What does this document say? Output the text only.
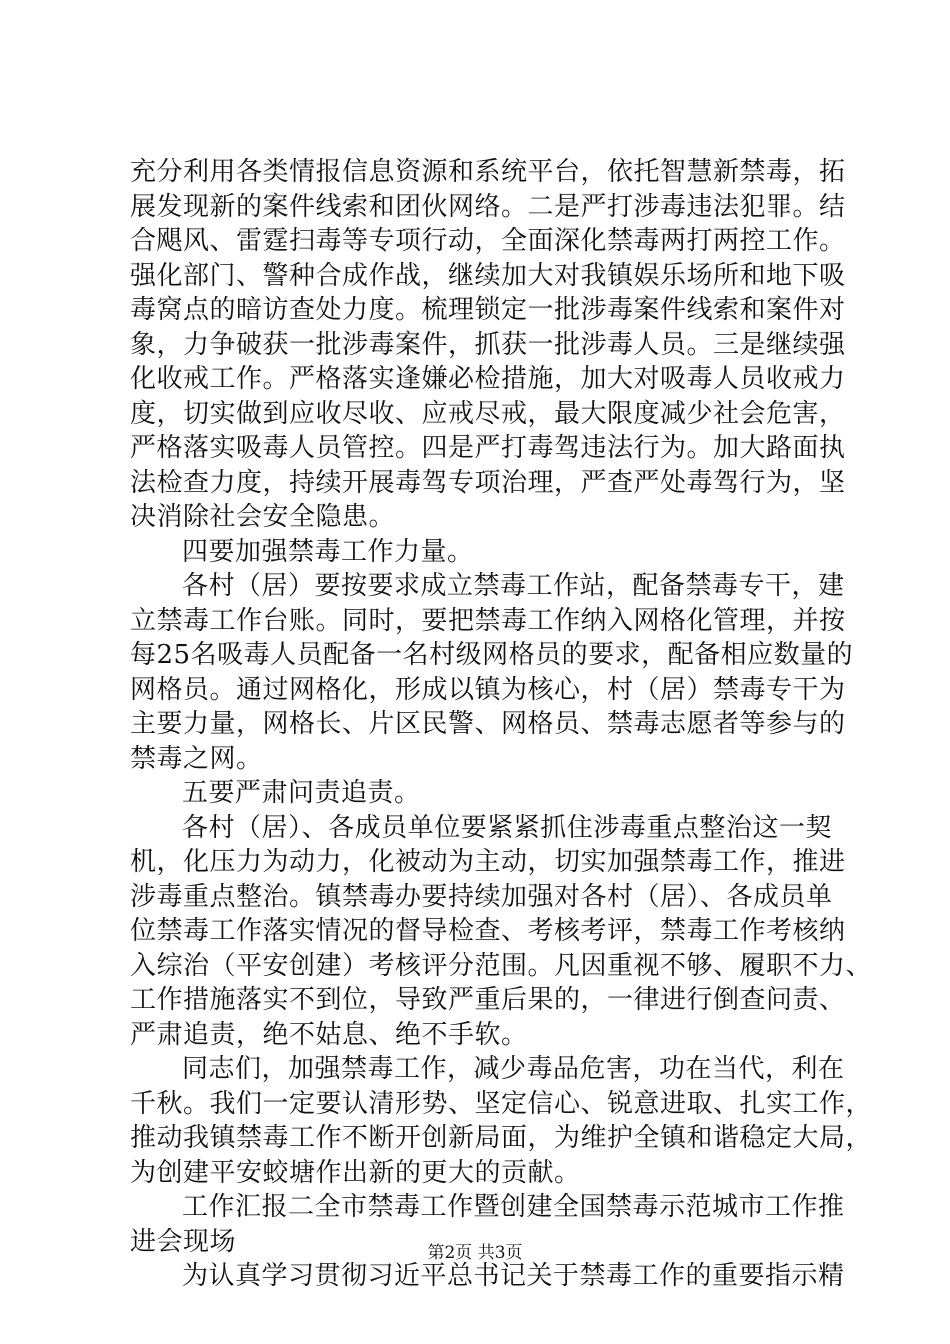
充分利用各类情报信息资源和系统平台，依托智慧新禁毒，拓
展发现新的案件线索和团伙网络。二是严打涉毒违法犯罪。结
合飓风、雷霆扫毒等专项行动，全面深化禁毒两打两控工作。
强化部门、警种合成作战，继续加大对我镇娱乐场所和地下吸
毒窝点的暗访查处力度。梳理锁定一批涉毒案件线索和案件对
象，力争破获一批涉毒案件，抓获一批涉毒人员。三是继续强
化收戒工作。严格落实逢嫌必检措施，加大对吸毒人员收戒力
度，切实做到应收尽收、应戒尽戒，最大限度减少社会危害，
严格落实吸毒人员管控。四是严打毒驾违法行为。加大路面执
法检查力度，持续开展毒驾专项治理，严查严处毒驾行为，坚
决消除社会安全隐患。
四要加强禁毒工作力量。
各村（居）要按要求成立禁毒工作站，配备禁毒专干，建
立禁毒工作台账。同时，要把禁毒工作纳入网格化管理，并按
每25名吸毒人员配备一名村级网格员的要求，配备相应数量的
网格员。通过网格化，形成以镇为核心，村（居）禁毒专干为
主要力量，网格长、片区民警、网格员、禁毒志愿者等参与的
禁毒之网。
五要严肃问责追责。
各村（居）、各成员单位要紧紧抓住涉毒重点整治这一契
机，化压力为动力，化被动为主动，切实加强禁毒工作，推进
涉毒重点整治。镇禁毒办要持续加强对各村（居）、各成员单
位禁毒工作落实情况的督导检查、考核考评，禁毒工作考核纳
入综治（平安创建）考核评分范围。凡因重视不够、履职不力、
工作措施落实不到位，导致严重后果的，一律进行倒查问责、
严肃追责，绝不姑息、绝不手软。
同志们，加强禁毒工作，减少毒品危害，功在当代，利在
千秋。我们一定要认清形势、坚定信心、锐意进取、扎实工作，
推动我镇禁毒工作不断开创新局面，为维护全镇和谐稳定大局，
为创建平安蛟塘作出新的更大的贡献。
工作汇报二全市禁毒工作暨创建全国禁毒示范城市工作推
进会现场
为认真学习贯彻习近平总书记关于禁毒工作的重要指示精
第2页 共3页
